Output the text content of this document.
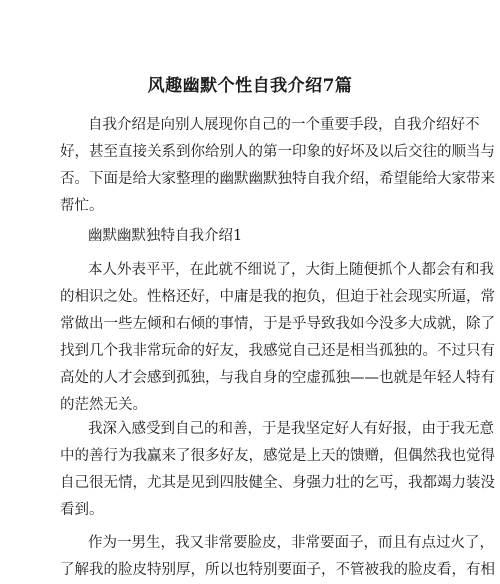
风趣幽默个性自我介绍7篇
自我介绍是向别人展现你自己的一个重要手段，自我介绍好不
好，甚至直接关系到你给别人的第一印象的好坏及以后交往的顺当与
否。下面是给大家整理的幽默幽默独特自我介绍，希望能给大家带来
帮忙。
幽默幽默独特自我介绍1
本人外表平平，在此就不细说了，大街上随便抓个人都会有和我
的相识之处。性格还好，中庸是我的抱负，但迫于社会现实所逼，常
常做出一些左倾和右倾的事情，于是乎导致我如今没多大成就，除了
找到几个我非常玩命的好友，我感觉自己还是相当孤独的。不过只有
高处的人才会感到孤独，与我自身的空虚孤独——也就是年轻人特有
的茫然无关。
我深入感受到自己的和善，于是我坚定好人有好报，由于我无意
中的善行为我赢来了很多好友，感觉是上天的馈赠，但偶然我也觉得
自己很无情，尤其是见到四肢健全、身强力壮的乞丐，我都竭力装没
看到。
作为一男生，我又非常要脸皮，非常要面子，而且有点过火了，
了解我的脸皮特别厚，所以也特别要面子，不管被我的脸皮看，有相
